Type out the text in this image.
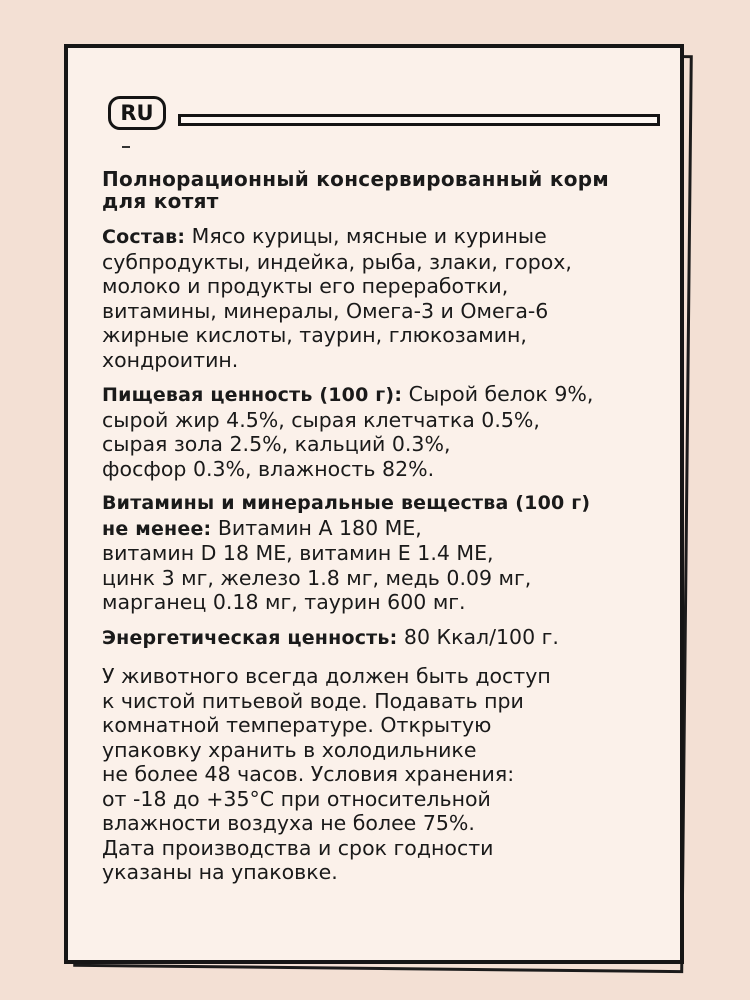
RU
Полнорационный консервированный корм
для котят
Состав: Мясо курицы, мясные и куриные
субпродукты, индейка, рыба, злаки, горох,
молоко и продукты его переработки,
витамины, минералы, Омега-3 и Омега-6
жирные кислоты, таурин, глюкозамин,
хондроитин.
Пищевая ценность (100 г): Сырой белок 9%,
сырой жир 4.5%, сырая клетчатка 0.5%,
сырая зола 2.5%, кальций 0.3%,
фосфор 0.3%, влажность 82%.
Витамины и минеральные вещества (100 г)
не менее: Витамин А 180 МЕ,
витамин D 18 МЕ, витамин Е 1.4 МЕ,
цинк 3 мг, железо 1.8 мг, медь 0.09 мг,
марганец 0.18 мг, таурин 600 мг.
Энергетическая ценность: 80 Ккал/100 г.
У животного всегда должен быть доступ
к чистой питьевой воде. Подавать при
комнатной температуре. Открытую
упаковку хранить в холодильнике
не более 48 часов. Условия хранения:
от -18 до +35°С при относительной
влажности воздуха не более 75%.
Дата производства и срок годности
указаны на упаковке.
